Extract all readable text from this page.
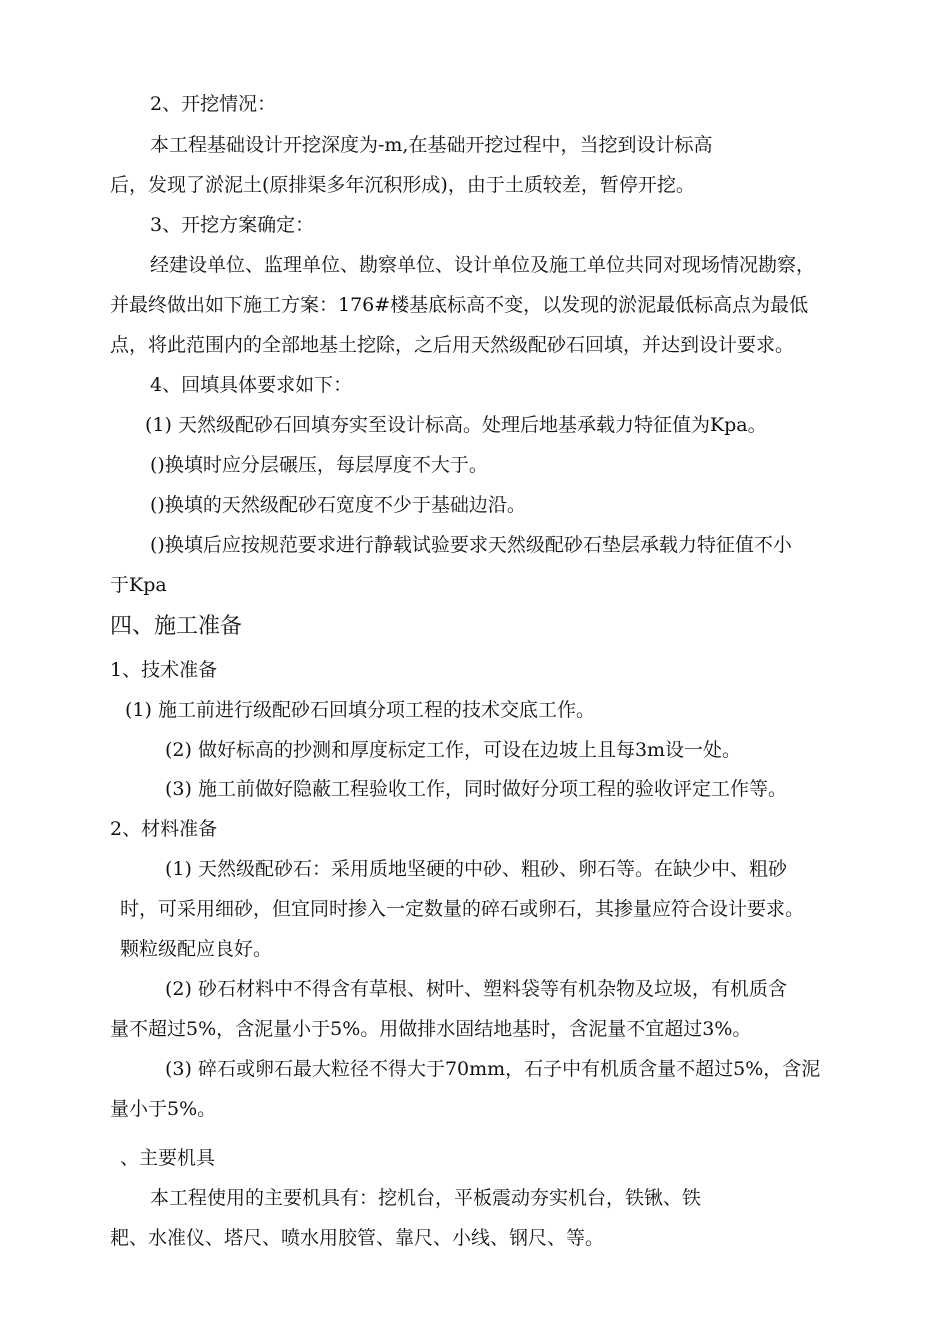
2、开挖情况：
本工程基础设计开挖深度为-m,在基础开挖过程中，当挖到设计标高
后，发现了淤泥土(原排渠多年沉积形成)，由于土质较差，暂停开挖。
3、开挖方案确定：
经建设单位、监理单位、勘察单位、设计单位及施工单位共同对现场情况勘察，
并最终做出如下施工方案：176#楼基底标高不变，以发现的淤泥最低标高点为最低
点，将此范围内的全部地基土挖除，之后用天然级配砂石回填，并达到设计要求。
4、回填具体要求如下：
(1) 天然级配砂石回填夯实至设计标高。处理后地基承载力特征值为Kpa。
()换填时应分层碾压，每层厚度不大于。
()换填的天然级配砂石宽度不少于基础边沿。
()换填后应按规范要求进行静载试验要求天然级配砂石垫层承载力特征值不小
于Kpa
四、施工准备
1、技术准备
(1) 施工前进行级配砂石回填分项工程的技术交底工作。
(2) 做好标高的抄测和厚度标定工作，可设在边坡上且每3m设一处。
(3) 施工前做好隐蔽工程验收工作，同时做好分项工程的验收评定工作等。
2、材料准备
(1) 天然级配砂石：采用质地坚硬的中砂、粗砂、卵石等。在缺少中、粗砂
时，可采用细砂，但宜同时掺入一定数量的碎石或卵石，其掺量应符合设计要求。
颗粒级配应良好。
(2) 砂石材料中不得含有草根、树叶、塑料袋等有机杂物及垃圾，有机质含
量不超过5%，含泥量小于5%。用做排水固结地基时，含泥量不宜超过3%。
(3) 碎石或卵石最大粒径不得大于70mm，石子中有机质含量不超过5%，含泥
量小于5%。
、主要机具
本工程使用的主要机具有：挖机台，平板震动夯实机台，铁锹、铁
耙、水准仪、塔尺、喷水用胶管、靠尺、小线、钢尺、等。
